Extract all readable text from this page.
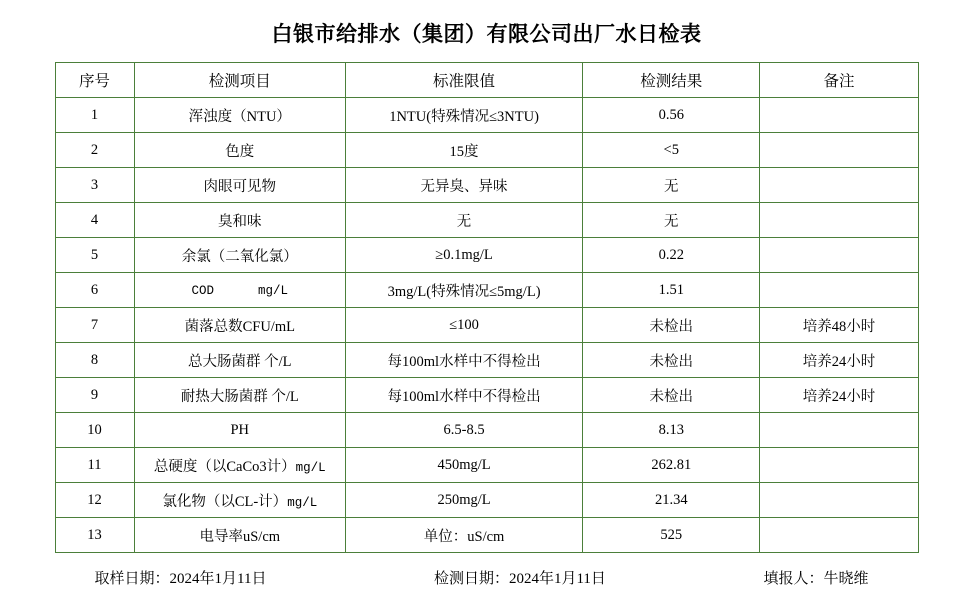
白银市给排水（集团）有限公司出厂水日检表
序号	检测项目	标准限值	检测结果	备注
1	浑浊度（NTU）	1NTU(特殊情况≤3NTU)	0.56	
2	色度	15度	<5	
3	肉眼可见物	无异臭、异味	无	
4	臭和味	无	无	
5	余氯（二氧化氯）	≥0.1mg/L	0.22	
6	COD mg/L	3mg/L(特殊情况≤5mg/L)	1.51	
7	菌落总数CFU/mL	≤100	未检出	培养48小时
8	总大肠菌群 个/L	每100ml水样中不得检出	未检出	培养24小时
9	耐热大肠菌群 个/L	每100ml水样中不得检出	未检出	培养24小时
10	PH	6.5-8.5	8.13	
11	总硬度（以CaCo3计）mg/L	450mg/L	262.81	
12	氯化物（以CL-计）mg/L	250mg/L	21.34	
13	电导率uS/cm	单位：uS/cm	525	
取样日期：2024年1月11日	检测日期：2024年1月11日	填报人：牛晓维
